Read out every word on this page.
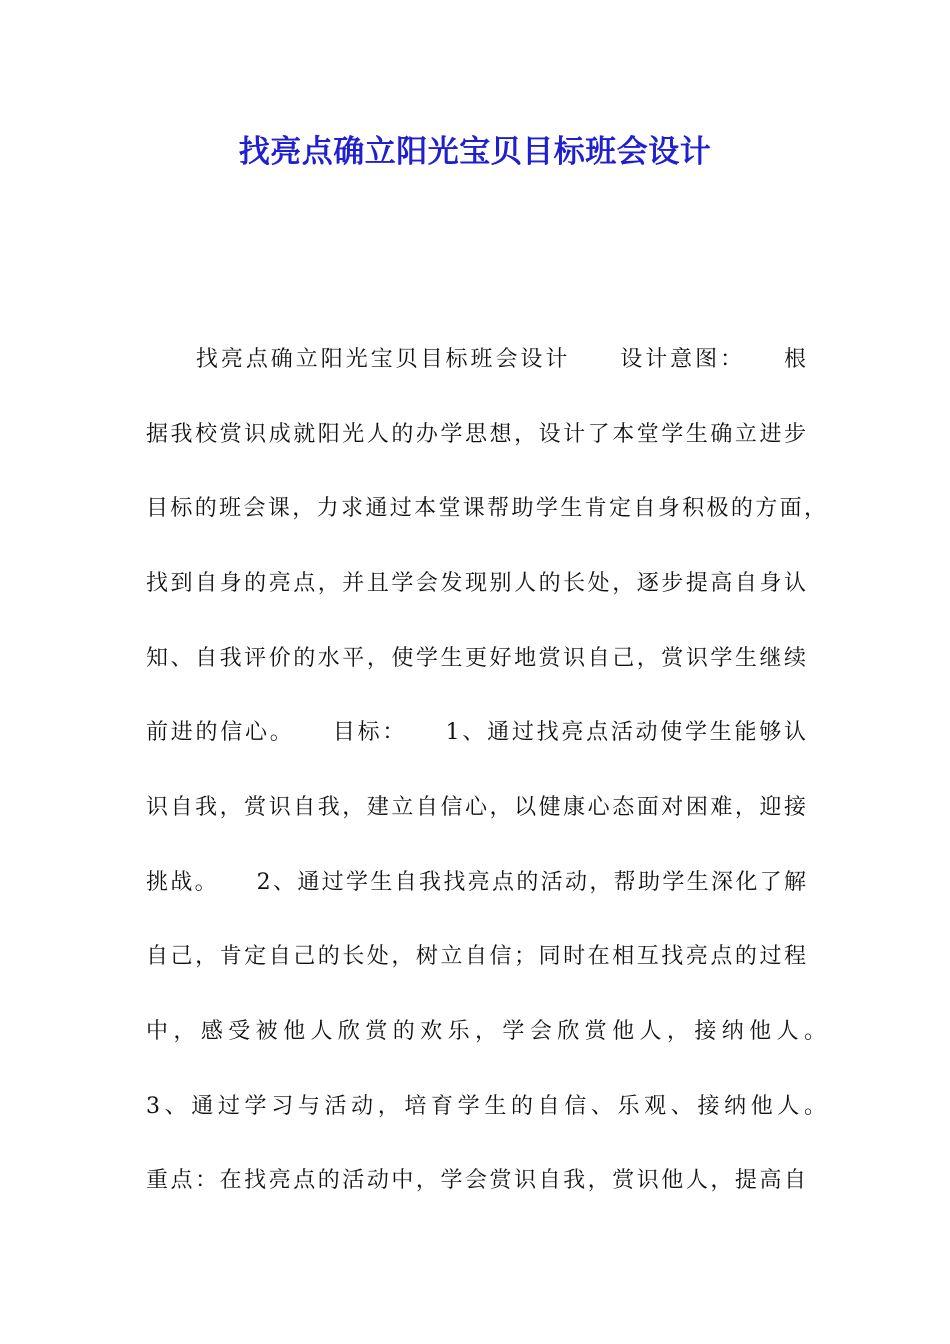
找亮点确立阳光宝贝目标班会设计
　　找亮点确立阳光宝贝目标班会设计　　设计意图：　　根
据我校赏识成就阳光人的办学思想，设计了本堂学生确立进步
目标的班会课，力求通过本堂课帮助学生肯定自身积极的方面，
找到自身的亮点，并且学会发现别人的长处，逐步提高自身认
知、自我评价的水平，使学生更好地赏识自己，赏识学生继续
前进的信心。　　目标：　　1、通过找亮点活动使学生能够认
识自我，赏识自我，建立自信心，以健康心态面对困难，迎接
挑战。　　2、通过学生自我找亮点的活动，帮助学生深化了解
自己，肯定自己的长处，树立自信；同时在相互找亮点的过程
中，感受被他人欣赏的欢乐，学会欣赏他人，接纳他人。
3、通过学习与活动，培育学生的自信、乐观、接纳他人。
重点：在找亮点的活动中，学会赏识自我，赏识他人，提高自
